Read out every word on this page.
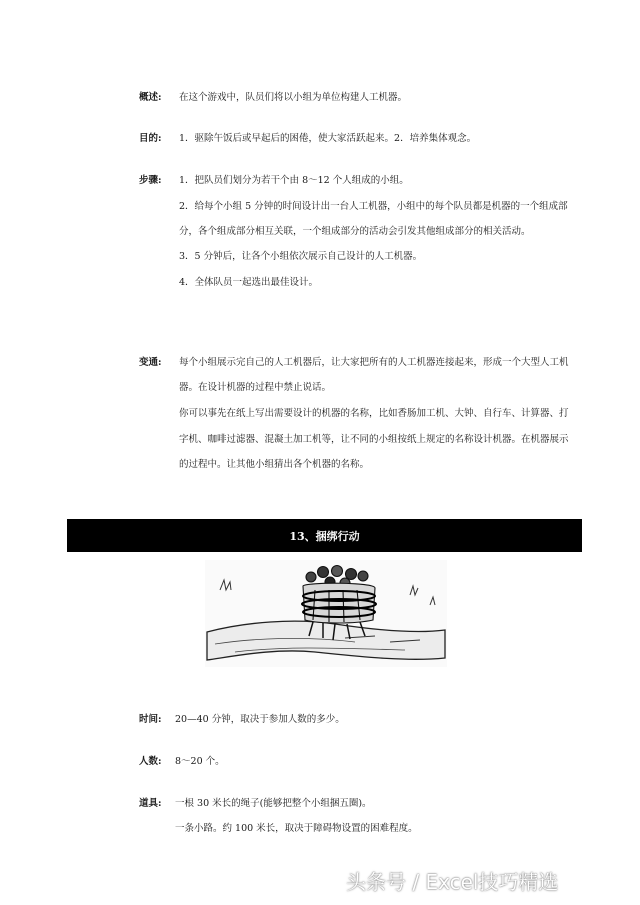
概述: 在这个游戏中，队员们将以小组为单位构建人工机器。
目的: 1．驱除午饭后或早起后的困倦，使大家活跃起来。2．培养集体观念。
步骤: 1．把队员们划分为若干个由 8～12 个人组成的小组。
2．给每个小组 5 分钟的时间设计出一台人工机器，小组中的每个队员都是机器的一个组成部
分，各个组成部分相互关联，一个组成部分的活动会引发其他组成部分的相关活动。
3．5 分钟后，让各个小组依次展示自己设计的人工机器。
4．全体队员一起选出最佳设计。
变通: 每个小组展示完自己的人工机器后，让大家把所有的人工机器连接起来，形成一个大型人工机
器。在设计机器的过程中禁止说话。
你可以事先在纸上写出需要设计的机器的名称，比如香肠加工机、大钟、自行车、计算器、打
字机、咖啡过滤器、混凝土加工机等，让不同的小组按纸上规定的名称设计机器。在机器展示
的过程中。让其他小组猜出各个机器的名称。
13、捆绑行动
时间: 20—40 分钟，取决于参加人数的多少。
人数: 8～20 个。
道具: 一根 30 米长的绳子(能够把整个小组捆五圈)。
一条小路。约 100 米长，取决于障碍物设置的困难程度。
头条号 / Excel技巧精选
